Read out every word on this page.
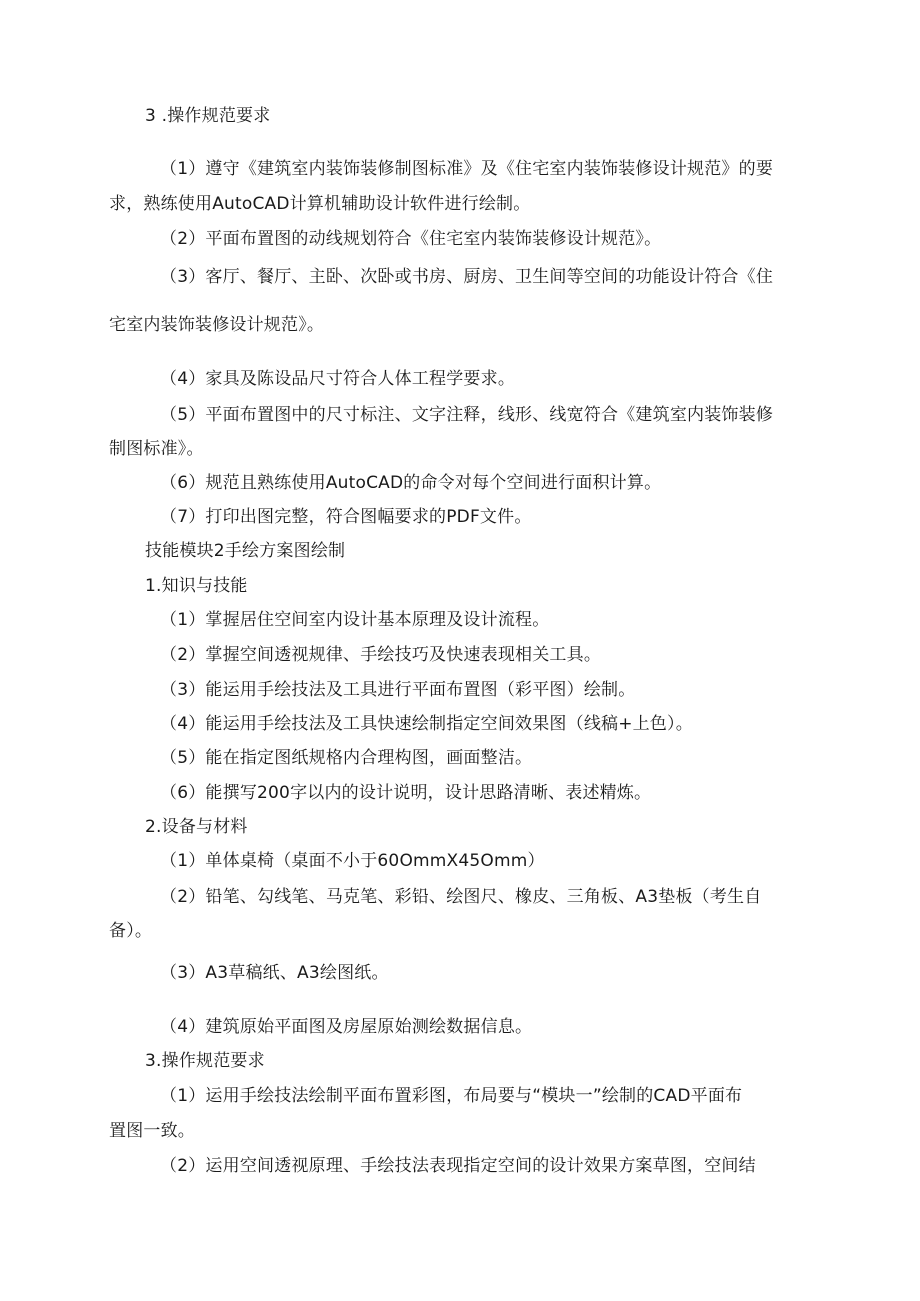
3 .操作规范要求
（1）遵守《建筑室内装饰装修制图标准》及《住宅室内装饰装修设计规范》的要
求，熟练使用AutoCAD计算机辅助设计软件进行绘制。
（2）平面布置图的动线规划符合《住宅室内装饰装修设计规范》。
（3）客厅、餐厅、主卧、次卧或书房、厨房、卫生间等空间的功能设计符合《住
宅室内装饰装修设计规范》。
（4）家具及陈设品尺寸符合人体工程学要求。
（5）平面布置图中的尺寸标注、文字注释，线形、线宽符合《建筑室内装饰装修
制图标准》。
（6）规范且熟练使用AutoCAD的命令对每个空间进行面积计算。
（7）打印出图完整，符合图幅要求的PDF文件。
技能模块2手绘方案图绘制
1.知识与技能
（1）掌握居住空间室内设计基本原理及设计流程。
（2）掌握空间透视规律、手绘技巧及快速表现相关工具。
（3）能运用手绘技法及工具进行平面布置图（彩平图）绘制。
（4）能运用手绘技法及工具快速绘制指定空间效果图（线稿+上色）。
（5）能在指定图纸规格内合理构图，画面整洁。
（6）能撰写200字以内的设计说明，设计思路清晰、表述精炼。
2.设备与材料
（1）单体桌椅（桌面不小于60OmmX45Omm）
（2）铅笔、勾线笔、马克笔、彩铅、绘图尺、橡皮、三角板、A3垫板（考生自
备）。
（3）A3草稿纸、A3绘图纸。
（4）建筑原始平面图及房屋原始测绘数据信息。
3.操作规范要求
（1）运用手绘技法绘制平面布置彩图，布局要与“模块一”绘制的CAD平面布
置图一致。
（2）运用空间透视原理、手绘技法表现指定空间的设计效果方案草图，空间结
